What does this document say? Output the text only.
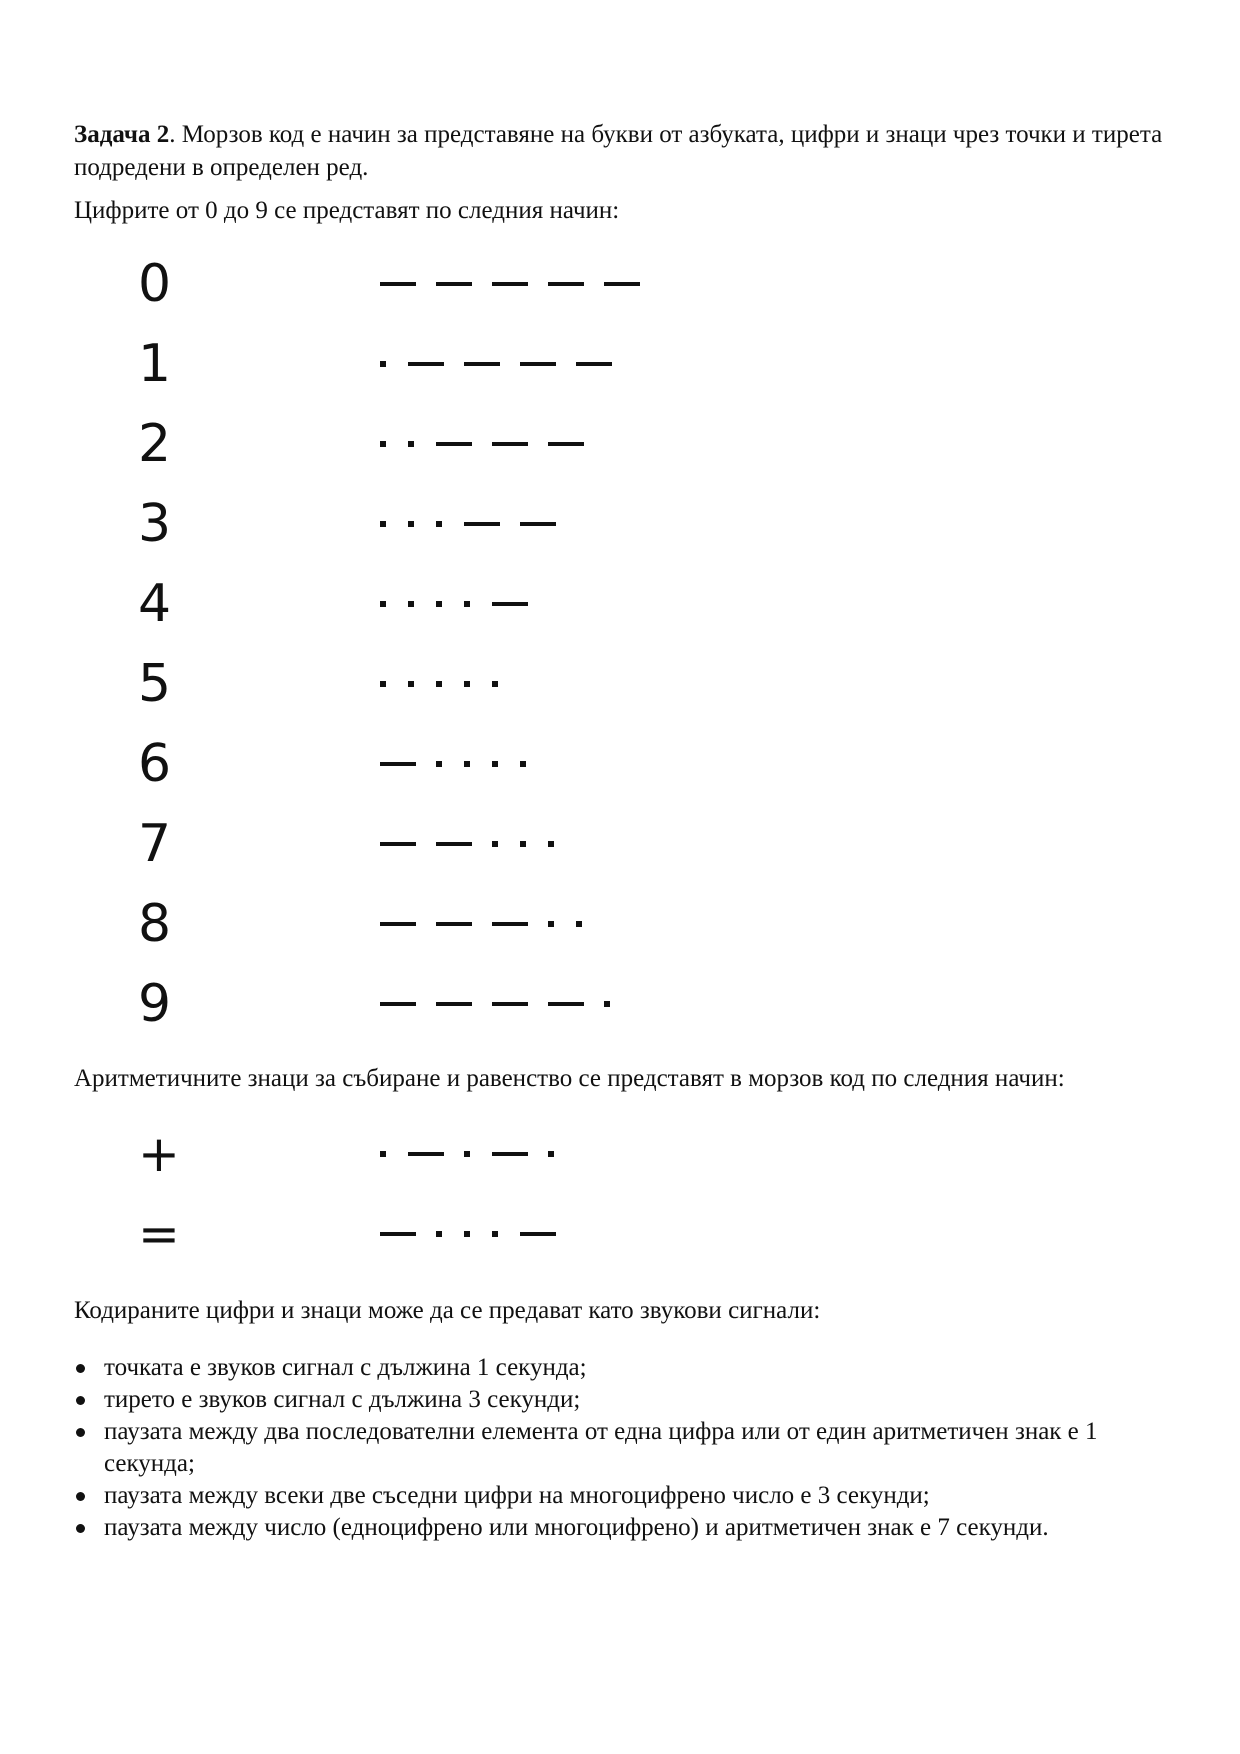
Задача 2. Морзов код е начин за представяне на букви от азбуката, цифри и знаци чрез точки и тирета подредени в определен ред.

Цифрите от 0 до 9 се представят по следния начин:

0
1
2
3
4
5
6
7
8
9

Аритметичните знаци за събиране и равенство се представят в морзов код по следния начин:

+
=

Кодираните цифри и знаци може да се предават като звукови сигнали:

точката е звуков сигнал с дължина 1 секунда;
тирето е звуков сигнал с дължина 3 секунди;
паузата между два последователни елемента от една цифра или от един аритметичен знак е 1 секунда;
паузата между всеки две съседни цифри на многоцифрено число е 3 секунди;
паузата между число (едноцифрено или многоцифрено) и аритметичен знак е 7 секунди.
